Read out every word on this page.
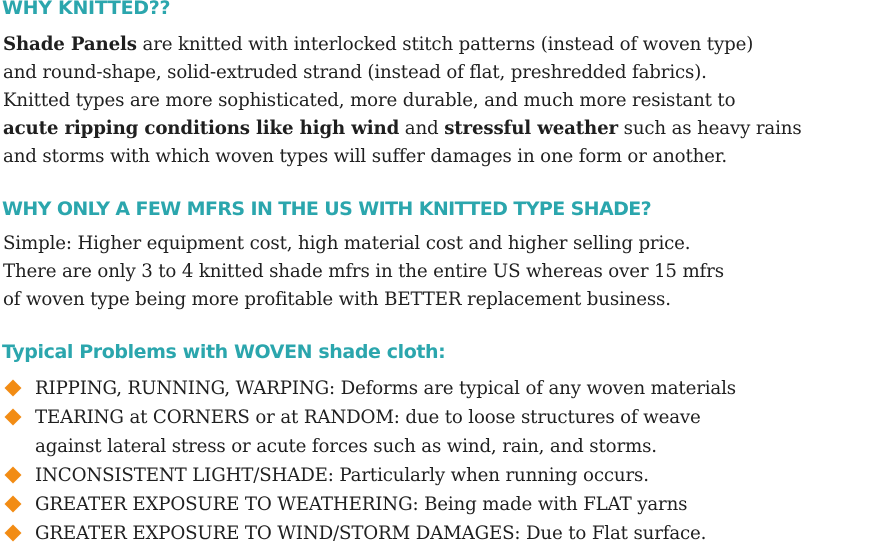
WHY KNITTED??

Shade Panels are knitted with interlocked stitch patterns (instead of woven type)
and round-shape, solid-extruded strand (instead of flat, preshredded fabrics).
Knitted types are more sophisticated, more durable, and much more resistant to
acute ripping conditions like high wind and stressful weather such as heavy rains
and storms with which woven types will suffer damages in one form or another.

WHY ONLY A FEW MFRS IN THE US WITH KNITTED TYPE SHADE?

Simple: Higher equipment cost, high material cost and higher selling price.
There are only 3 to 4 knitted shade mfrs in the entire US whereas over 15 mfrs
of woven type being more profitable with BETTER replacement business.

Typical Problems with WOVEN shade cloth:
RIPPING, RUNNING, WARPING: Deforms are typical of any woven materials
TEARING at CORNERS or at RANDOM: due to loose structures of weave
against lateral stress or acute forces such as wind, rain, and storms.
INCONSISTENT LIGHT/SHADE: Particularly when running occurs.
GREATER EXPOSURE TO WEATHERING: Being made with FLAT yarns
GREATER EXPOSURE TO WIND/STORM DAMAGES: Due to Flat surface.
